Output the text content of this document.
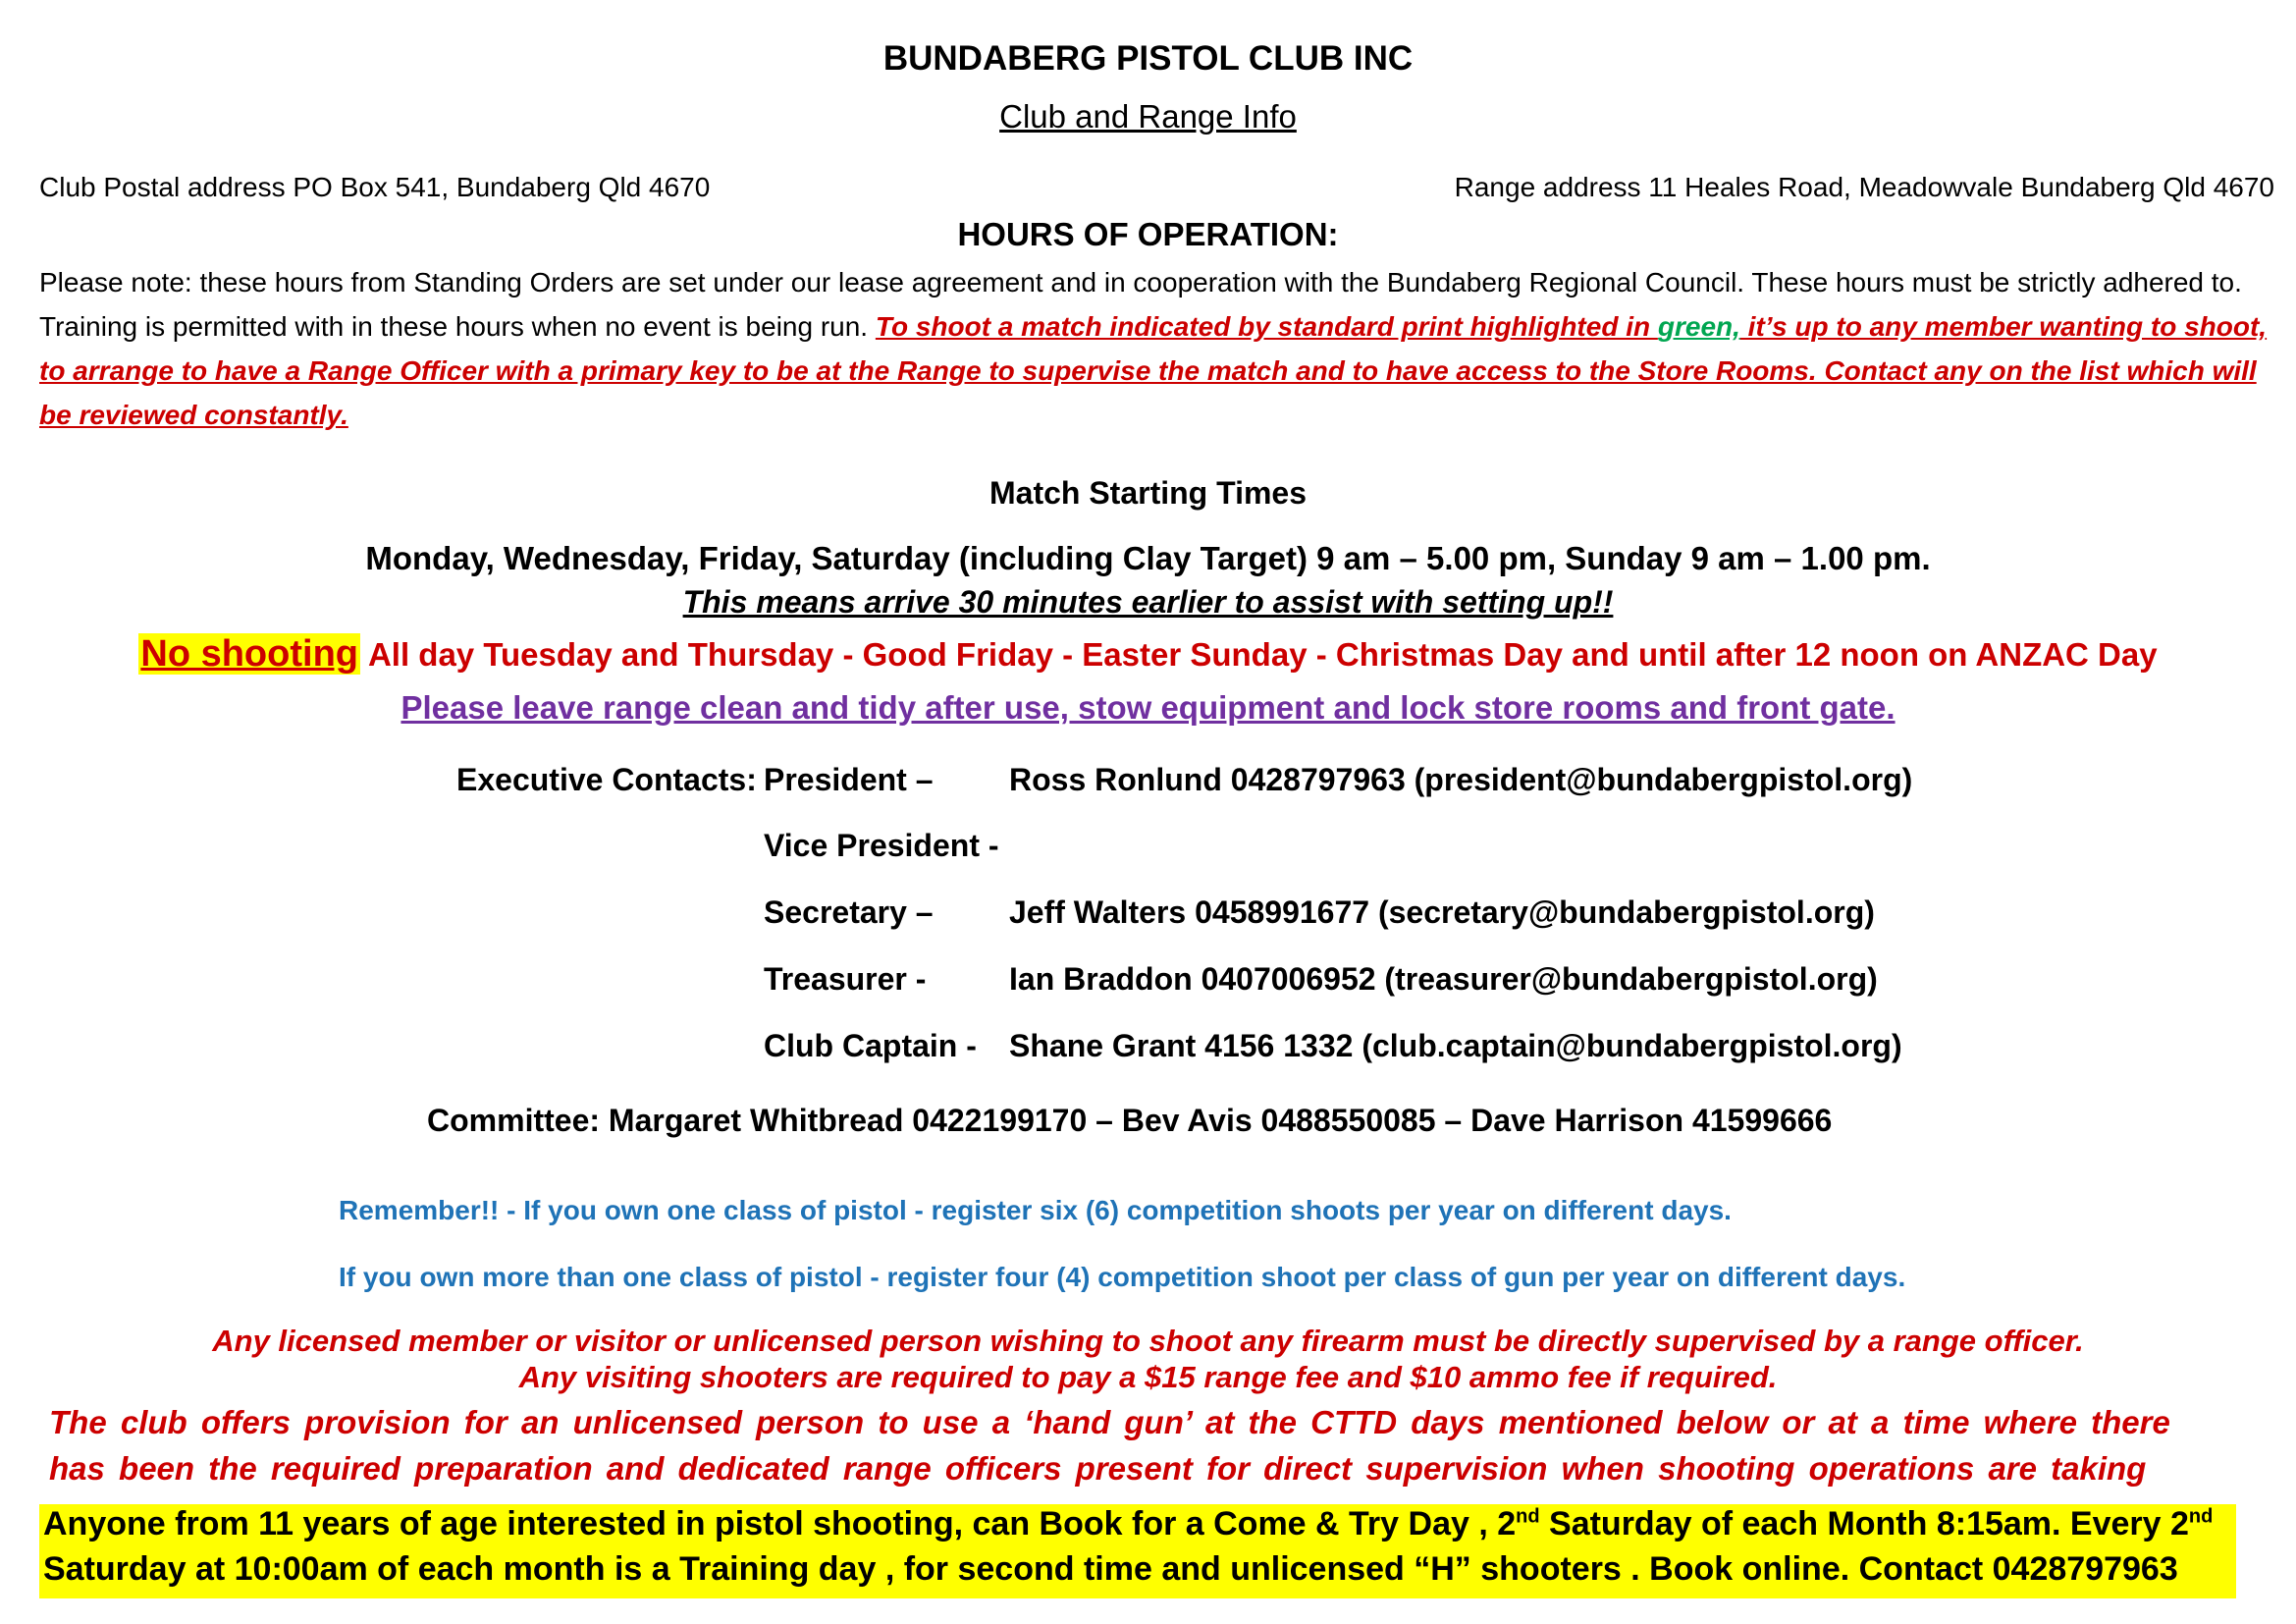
BUNDABERG PISTOL CLUB INC
Club and Range Info
Club Postal address PO Box 541, Bundaberg Qld 4670	Range address 11 Heales Road, Meadowvale Bundaberg Qld 4670
HOURS OF OPERATION:
Please note: these hours from Standing Orders are set under our lease agreement and in cooperation with the Bundaberg Regional Council. These hours must be strictly adhered to. Training is permitted with in these hours when no event is being run. To shoot a match indicated by standard print highlighted in green, it’s up to any member wanting to shoot, to arrange to have a Range Officer with a primary key to be at the Range to supervise the match and to have access to the Store Rooms. Contact any on the list which will be reviewed constantly.
Match Starting Times
Monday, Wednesday, Friday, Saturday (including Clay Target) 9 am – 5.00 pm, Sunday 9 am – 1.00 pm.
This means arrive 30 minutes earlier to assist with setting up!!
No shooting All day Tuesday and Thursday - Good Friday - Easter Sunday - Christmas Day and until after 12 noon on ANZAC Day
Please leave range clean and tidy after use, stow equipment and lock store rooms and front gate.
Executive Contacts: President – Ross Ronlund 0428797963 (president@bundabergpistol.org)
Vice President -
Secretary – Jeff Walters 0458991677 (secretary@bundabergpistol.org)
Treasurer -	Ian Braddon 0407006952 (treasurer@bundabergpistol.org)
Club Captain - Shane Grant 4156 1332 (club.captain@bundabergpistol.org)
Committee: Margaret Whitbread 0422199170 – Bev Avis 0488550085 – Dave Harrison 41599666
Remember!! - If you own one class of pistol - register six (6) competition shoots per year on different days.
If you own more than one class of pistol - register four (4) competition shoot per class of gun per year on different days.
Any licensed member or visitor or unlicensed person wishing to shoot any firearm must be directly supervised by a range officer.
Any visiting shooters are required to pay a $15 range fee and $10 ammo fee if required.
The club offers provision for an unlicensed person to use a ‘hand gun’ at the CTTD days mentioned below or at a time where there
has been the required preparation and dedicated range officers present for direct supervision when shooting operations are taking
Anyone from 11 years of age interested in pistol shooting, can Book for a Come & Try Day , 2nd Saturday of each Month 8:15am. Every 2nd
Saturday at 10:00am of each month is a Training day , for second time and unlicensed “H” shooters . Book online. Contact 0428797963
